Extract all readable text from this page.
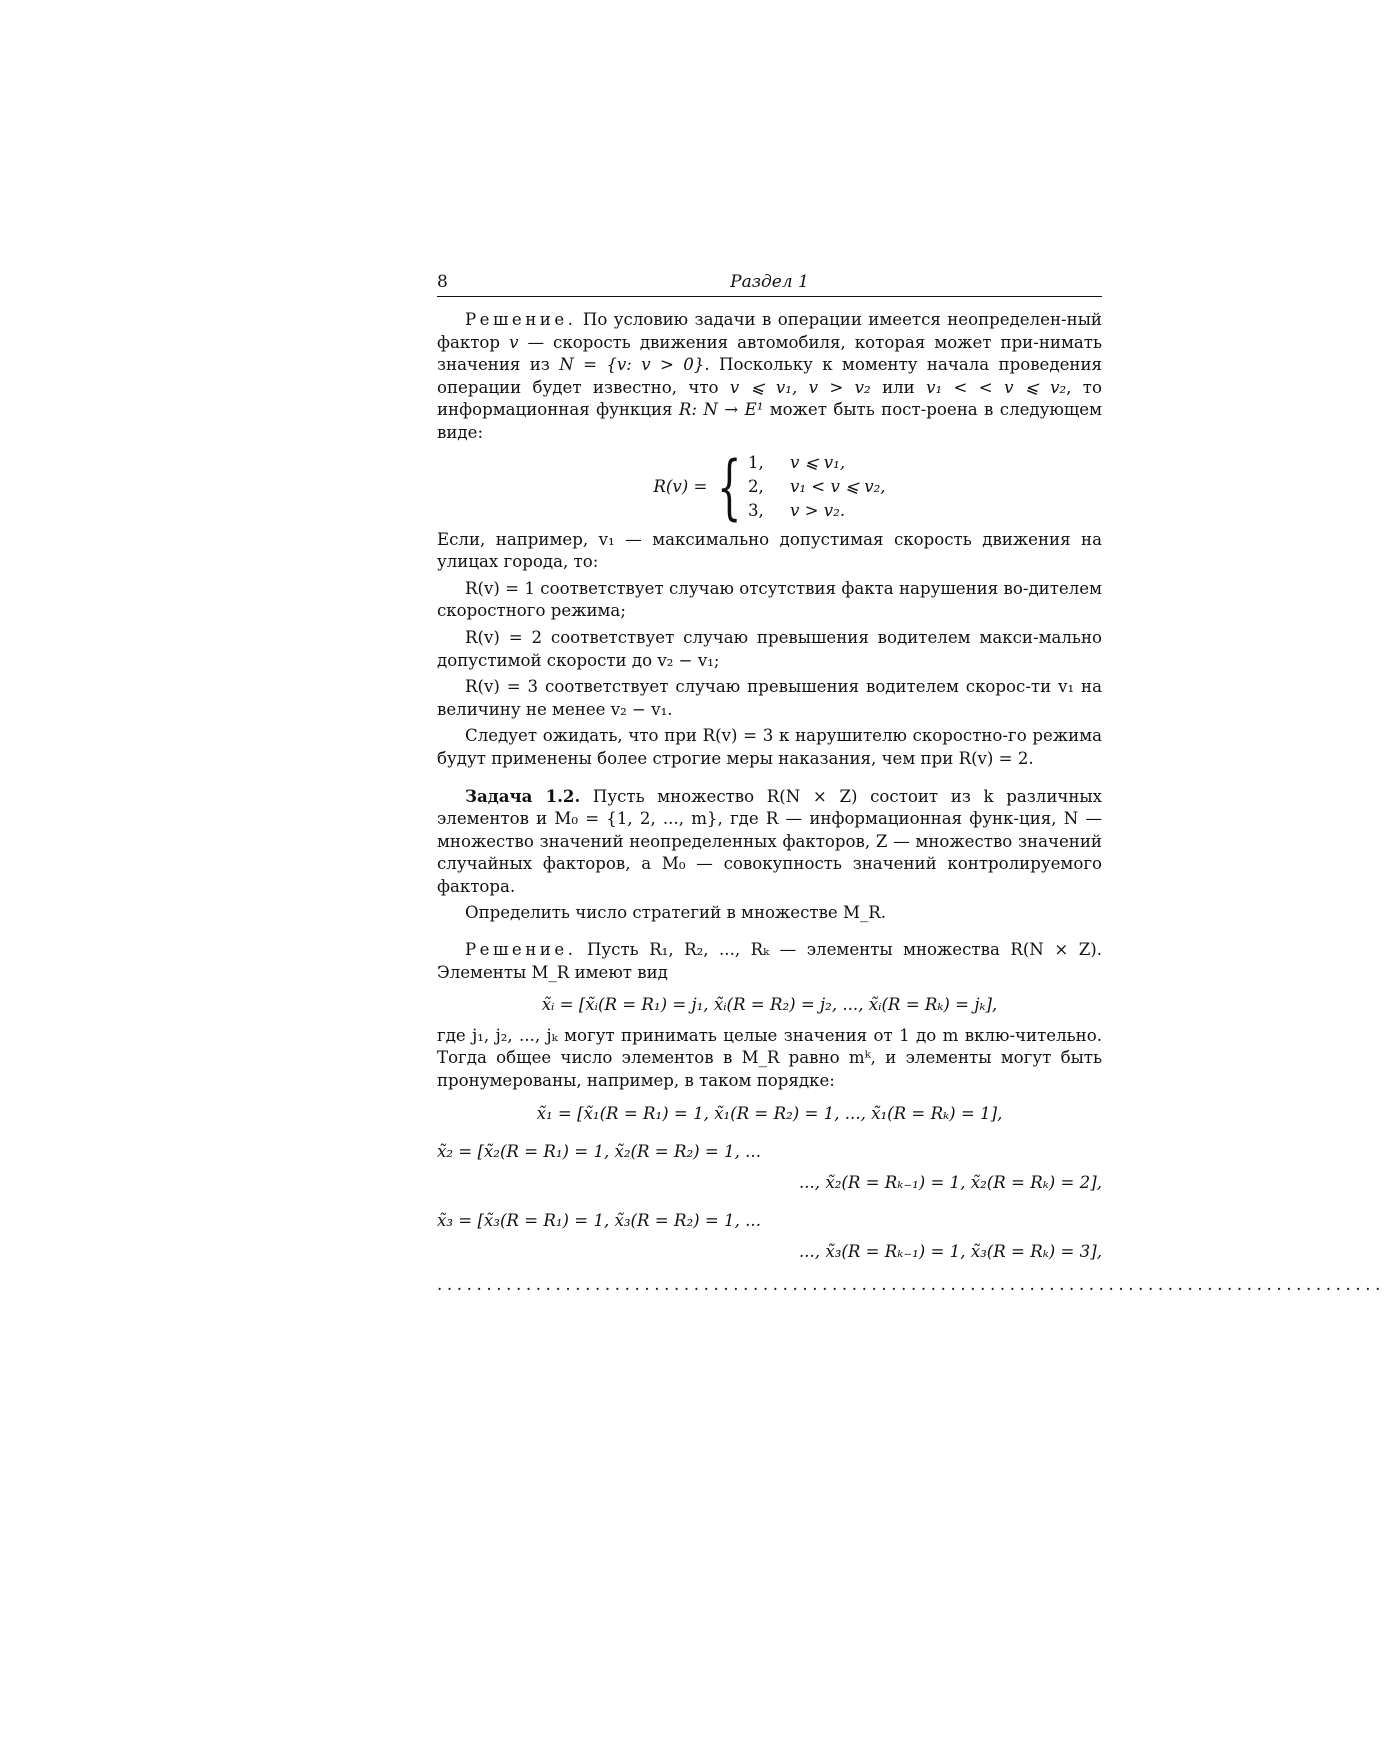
8	Раздел 1

Решение. По условию задачи в операции имеется неопределен-ный фактор v — скорость движения автомобиля, которая может при-нимать значения из N = {v: v > 0}. Поскольку к моменту начала проведения операции будет известно, что v ⩽ v₁, v > v₂ или v₁ < < v ⩽ v₂, то информационная функция R: N → E¹ может быть пост-роена в следующем виде:

R(v) = { 1,	v ⩽ v₁,
2,	v₁ < v ⩽ v₂,
3,	v > v₂.

Если, например, v₁ — максимально допустимая скорость движения на улицах города, то:

R(v) = 1 соответствует случаю отсутствия факта нарушения во-дителем скоростного режима;

R(v) = 2 соответствует случаю превышения водителем макси-мально допустимой скорости до v₂ − v₁;

R(v) = 3 соответствует случаю превышения водителем скорос-ти v₁ на величину не менее v₂ − v₁.

Следует ожидать, что при R(v) = 3 к нарушителю скоростно-го режима будут применены более строгие меры наказания, чем при R(v) = 2.

Задача 1.2. Пусть множество R(N × Z) состоит из k различных элементов и M₀ = {1, 2, ..., m}, где R — информационная функ-ция, N — множество значений неопределенных факторов, Z — множество значений случайных факторов, а M₀ — совокупность значений контролируемого фактора.

Определить число стратегий в множестве M_R.

Решение. Пусть R₁, R₂, ..., Rₖ — элементы множества R(N × Z). Элементы M_R имеют вид

x̃ᵢ = [x̃ᵢ(R = R₁) = j₁, x̃ᵢ(R = R₂) = j₂, ..., x̃ᵢ(R = Rₖ) = jₖ],

где j₁, j₂, ..., jₖ могут принимать целые значения от 1 до m вклю-чительно. Тогда общее число элементов в M_R равно mᵏ, и элементы могут быть пронумерованы, например, в таком порядке:

x̃₁ = [x̃₁(R = R₁) = 1, x̃₁(R = R₂) = 1, ..., x̃₁(R = Rₖ) = 1],
x̃₂ = [x̃₂(R = R₁) = 1, x̃₂(R = R₂) = 1, ...
..., x̃₂(R = Rₖ₋₁) = 1, x̃₂(R = Rₖ) = 2],
x̃₃ = [x̃₃(R = R₁) = 1, x̃₃(R = R₂) = 1, ...
..., x̃₃(R = Rₖ₋₁) = 1, x̃₃(R = Rₖ) = 3],
................................................................................................
